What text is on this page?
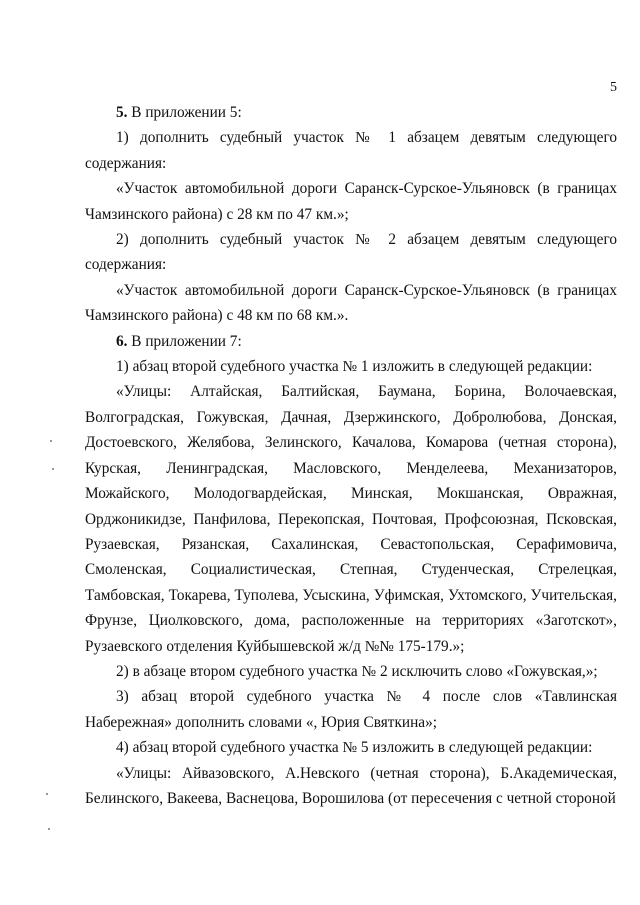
5

5. В приложении 5:

1) дополнить судебный участок № 1 абзацем девятым следующего содержания:

«Участок автомобильной дороги Саранск-Сурское-Ульяновск (в границах Чамзинского района) с 28 км по 47 км.»;

2) дополнить судебный участок № 2 абзацем девятым следующего содержания:

«Участок автомобильной дороги Саранск-Сурское-Ульяновск (в границах Чамзинского района) с 48 км по 68 км.».

6. В приложении 7:

1) абзац второй судебного участка № 1 изложить в следующей редакции:

«Улицы: Алтайская, Балтийская, Баумана, Борина, Волочаевская, Волгоградская, Гожувская, Дачная, Дзержинского, Добролюбова, Донская, Достоевского, Желябова, Зелинского, Качалова, Комарова (четная сторона), Курская, Ленинградская, Масловского, Менделеева, Механизаторов, Можайского, Молодогвардейская, Минская, Мокшанская, Овражная, Орджоникидзе, Панфилова, Перекопская, Почтовая, Профсоюзная, Псковская, Рузаевская, Рязанская, Сахалинская, Севастопольская, Серафимовича, Смоленская, Социалистическая, Степная, Студенческая, Стрелецкая, Тамбовская, Токарева, Туполева, Усыскина, Уфимская, Ухтомского, Учительская, Фрунзе, Циолковского, дома, расположенные на территориях «Заготскот», Рузаевского отделения Куйбышевской ж/д №№ 175-179.»;

2) в абзаце втором судебного участка № 2 исключить слово «Гожувская,»;

3) абзац второй судебного участка № 4 после слов «Тавлинская Набережная» дополнить словами «, Юрия Святкина»;

4) абзац второй судебного участка № 5 изложить в следующей редакции:

«Улицы: Айвазовского, А.Невского (четная сторона), Б.Академическая, Белинского, Вакеева, Васнецова, Ворошилова (от пересечения с четной стороной
